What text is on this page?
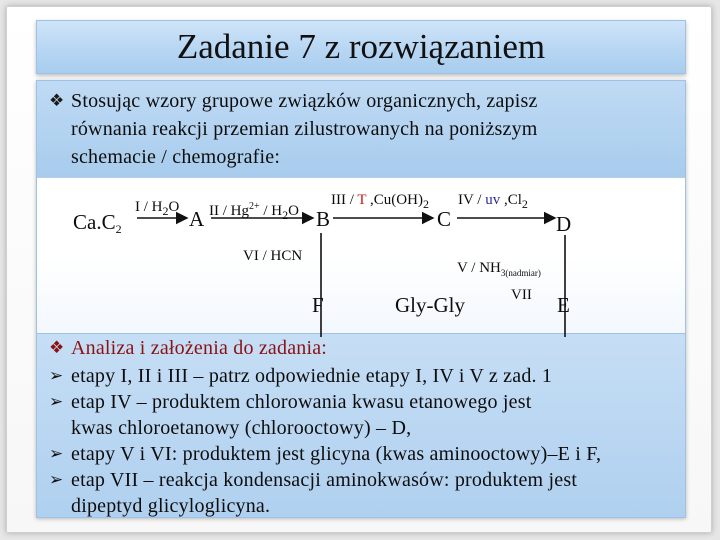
Zadanie 7 z rozwiązaniem
❖ Stosując wzory grupowe związków organicznych, zapisz
równania reakcji przemian zilustrowanych na poniższym
schemacie / chemografie:
$Ca.C_2$	A	B	C	D
F	Gly-Gly	E
I / $H_2O$ II / $Hg^{2+} / H_2O$
III / T $,Cu(OH)_2$ IV / uv $,Cl_2$
V / $NH_{3(nadmiar)}$
VI / HCN
VII
❖ Analiza i założenia do zadania:
➢ etapy I, II i III – patrz odpowiednie etapy I, IV i V z zad. 1
➢ etap IV – produktem chlorowania kwasu etanowego jest
kwas chloroetanowy (chlorooctowy) – D,
➢ etapy V i VI: produktem jest glicyna (kwas aminooctowy)–E i F,
➢ etap VII – reakcja kondensacji aminokwasów: produktem jest
dipeptyd glicyloglicyna.
